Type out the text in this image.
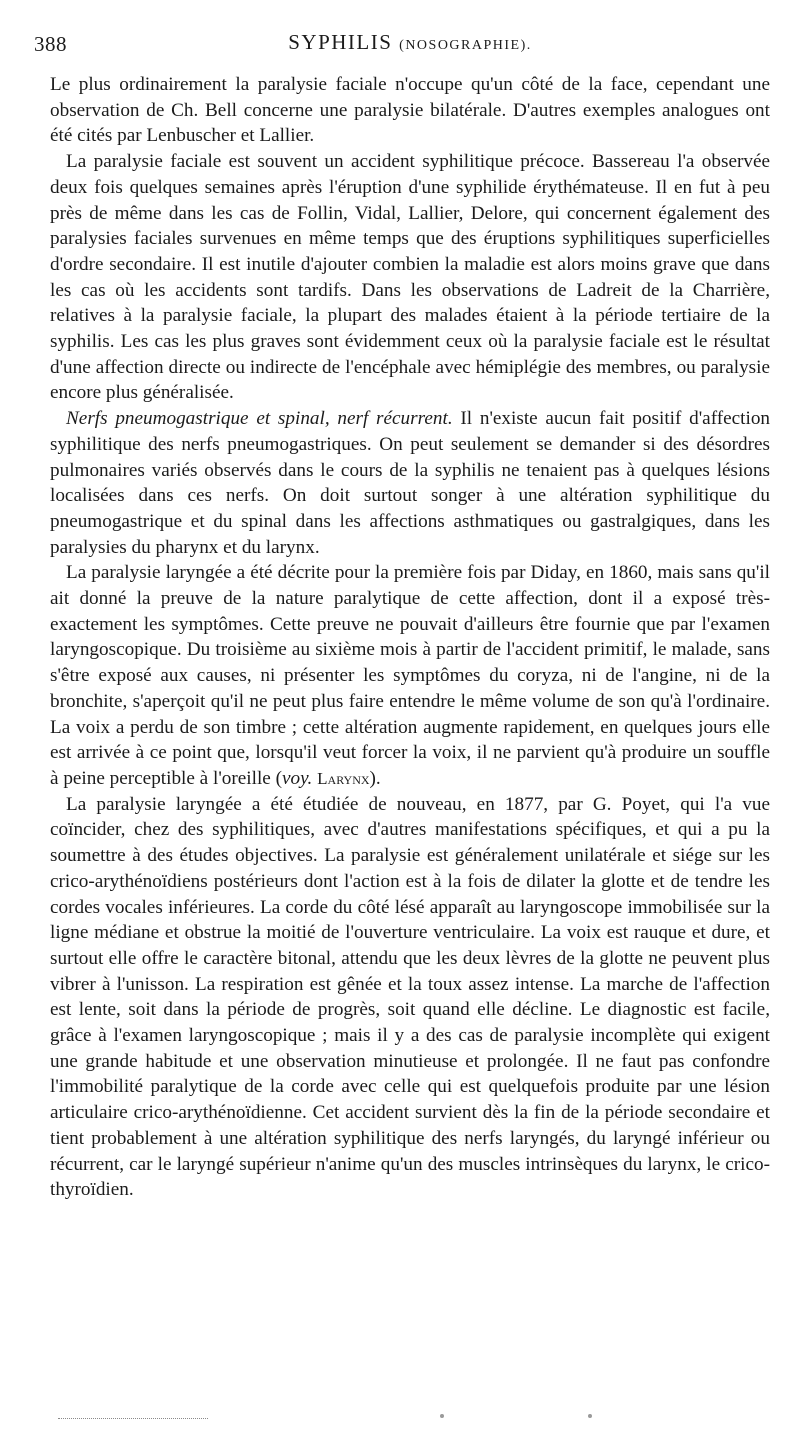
388	SYPHILIS (NOSOGRAPHIE).

Le plus ordinairement la paralysie faciale n'occupe qu'un côté de la face, cependant une observation de Ch. Bell concerne une paralysie bilatérale. D'autres exemples analogues ont été cités par Lenbuscher et Lallier.

La paralysie faciale est souvent un accident syphilitique précoce. Bassereau l'a observée deux fois quelques semaines après l'éruption d'une syphilide érythémateuse. Il en fut à peu près de même dans les cas de Follin, Vidal, Lallier, Delore, qui concernent également des paralysies faciales survenues en même temps que des éruptions syphilitiques superficielles d'ordre secondaire. Il est inutile d'ajouter combien la maladie est alors moins grave que dans les cas où les accidents sont tardifs. Dans les observations de Ladreit de la Charrière, relatives à la paralysie faciale, la plupart des malades étaient à la période tertiaire de la syphilis. Les cas les plus graves sont évidemment ceux où la paralysie faciale est le résultat d'une affection directe ou indirecte de l'encéphale avec hémiplégie des membres, ou paralysie encore plus généralisée.

Nerfs pneumogastrique et spinal, nerf récurrent. Il n'existe aucun fait positif d'affection syphilitique des nerfs pneumogastriques. On peut seulement se demander si des désordres pulmonaires variés observés dans le cours de la syphilis ne tenaient pas à quelques lésions localisées dans ces nerfs. On doit surtout songer à une altération syphilitique du pneumogastrique et du spinal dans les affections asthmatiques ou gastralgiques, dans les paralysies du pharynx et du larynx.

La paralysie laryngée a été décrite pour la première fois par Diday, en 1860, mais sans qu'il ait donné la preuve de la nature paralytique de cette affection, dont il a exposé très-exactement les symptômes. Cette preuve ne pouvait d'ailleurs être fournie que par l'examen laryngoscopique. Du troisième au sixième mois à partir de l'accident primitif, le malade, sans s'être exposé aux causes, ni présenter les symptômes du coryza, ni de l'angine, ni de la bronchite, s'aperçoit qu'il ne peut plus faire entendre le même volume de son qu'à l'ordinaire. La voix a perdu de son timbre ; cette altération augmente rapidement, en quelques jours elle est arrivée à ce point que, lorsqu'il veut forcer la voix, il ne parvient qu'à produire un souffle à peine perceptible à l'oreille (voy. Larynx).

La paralysie laryngée a été étudiée de nouveau, en 1877, par G. Poyet, qui l'a vue coïncider, chez des syphilitiques, avec d'autres manifestations spécifiques, et qui a pu la soumettre à des études objectives. La paralysie est généralement unilatérale et siége sur les crico-arythénoïdiens postérieurs dont l'action est à la fois de dilater la glotte et de tendre les cordes vocales inférieures. La corde du côté lésé apparaît au laryngoscope immobilisée sur la ligne médiane et obstrue la moitié de l'ouverture ventriculaire. La voix est rauque et dure, et surtout elle offre le caractère bitonal, attendu que les deux lèvres de la glotte ne peuvent plus vibrer à l'unisson. La respiration est gênée et la toux assez intense. La marche de l'affection est lente, soit dans la période de progrès, soit quand elle décline. Le diagnostic est facile, grâce à l'examen laryngoscopique ; mais il y a des cas de paralysie incomplète qui exigent une grande habitude et une observation minutieuse et prolongée. Il ne faut pas confondre l'immobilité paralytique de la corde avec celle qui est quelquefois produite par une lésion articulaire crico-arythénoïdienne. Cet accident survient dès la fin de la période secondaire et tient probablement à une altération syphilitique des nerfs laryngés, du laryngé inférieur ou récurrent, car le laryngé supérieur n'anime qu'un des muscles intrinsèques du larynx, le crico-thyroïdien.
